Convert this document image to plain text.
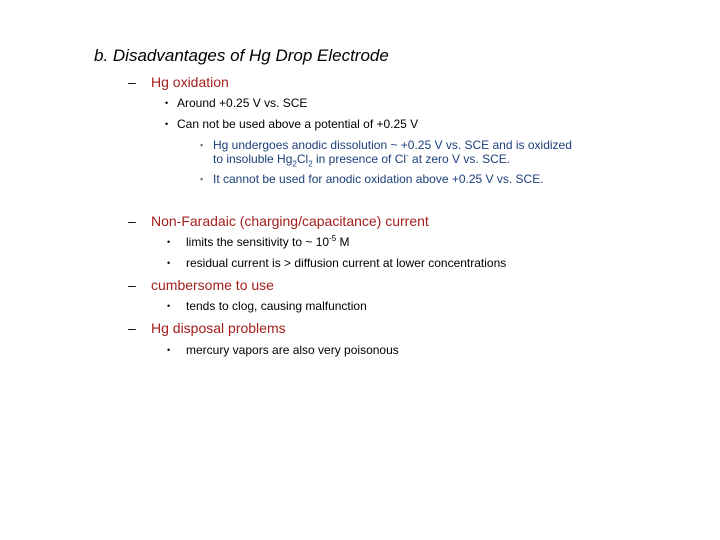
b. Disadvantages of Hg Drop Electrode
– Hg oxidation
• Around +0.25 V vs. SCE
• Can not be used above a potential of +0.25 V
▪ Hg undergoes anodic dissolution ~ +0.25 V vs. SCE and is oxidized
to insoluble $Hg_2Cl_2$ in presence of Cl- at zero V vs. SCE.
▪ It cannot be used for anodic oxidation above +0.25 V vs. SCE.
– Non-Faradaic (charging/capacitance) current
• limits the sensitivity to ~ $10^{-5}$ M
• residual current is > diffusion current at lower concentrations
– cumbersome to use
• tends to clog, causing malfunction
– Hg disposal problems
• mercury vapors are also very poisonous
